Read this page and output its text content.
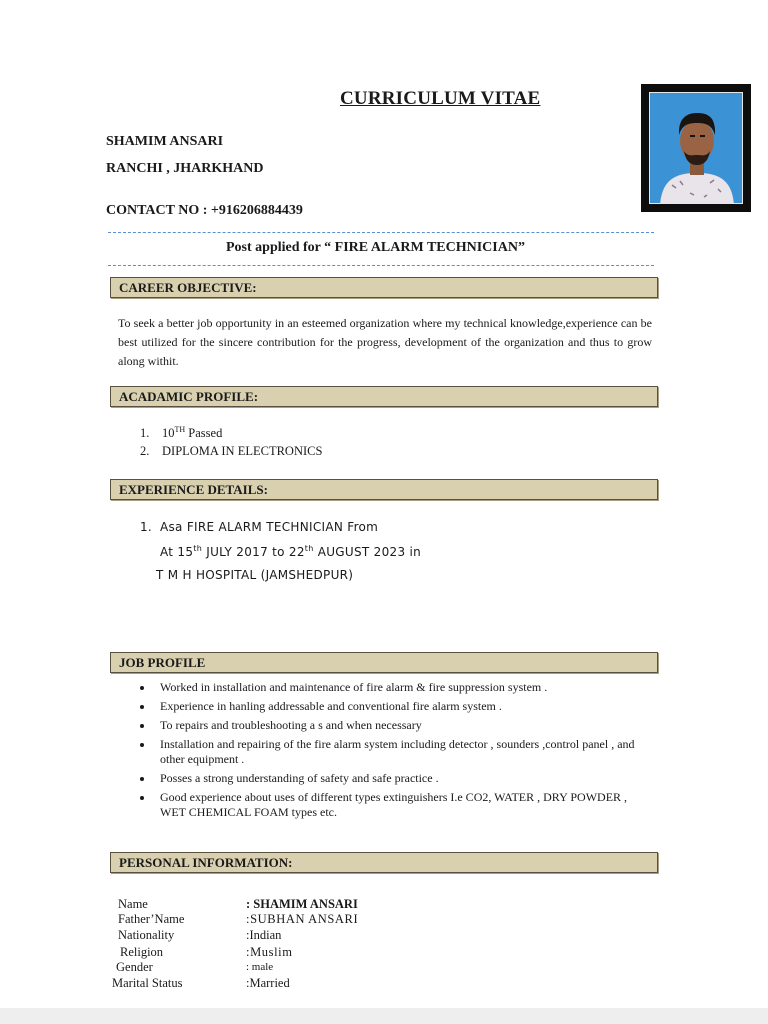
CURRICULUM VITAE
SHAMIM ANSARI
RANCHI , JHARKHAND
CONTACT NO : +916206884439
Post applied for “ FIRE ALARM TECHNICIAN”
CAREER OBJECTIVE:
To seek a better job opportunity in an esteemed organization where my technical knowledge,experience can be best utilized for the sincere contribution for the progress, development of the organization and thus to grow along withit.
ACADAMIC PROFILE:
1. 10TH Passed
2. DIPLOMA IN ELECTRONICS
EXPERIENCE DETAILS:
1. Asa FIRE ALARM TECHNICIAN From
At 15th JULY 2017 to 22th AUGUST 2023 in
T M H HOSPITAL (JAMSHEDPUR)
JOB PROFILE
Worked in installation and maintenance of fire alarm & fire suppression system .
Experience in hanling addressable and conventional fire alarm system .
To repairs and troubleshooting a s and when necessary
Installation and repairing of the fire alarm system including detector , sounders ,control panel , and other equipment .
Posses a strong understanding of safety and safe practice .
Good experience about uses of different types extinguishers I.e CO2, WATER , DRY POWDER , WET CHEMICAL FOAM types etc.
PERSONAL INFORMATION:
Name	: SHAMIM ANSARI
Father’Name	:SUBHAN ANSARI
Nationality	:Indian
Religion	:Muslim
Gender	: male
Marital Status	:Married
